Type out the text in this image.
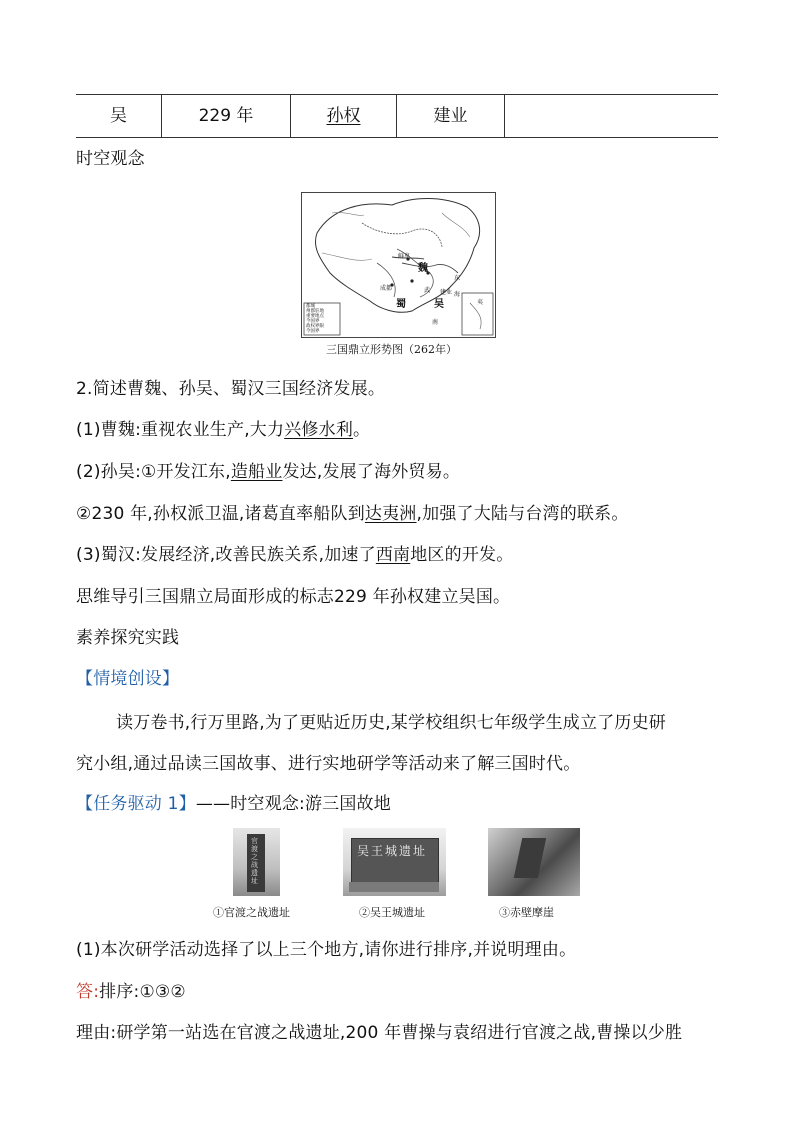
吴	229 年	孙权	建业
时空观念
魏
蜀	吴
鲜卑
东
成都
建业
武
南
海
夷
都城
州郡驻地
重要地点
今国界
政权界限
今国界
三国鼎立形势图（262年）
2.简述曹魏、孙吴、蜀汉三国经济发展。
(1)曹魏:重视农业生产,大力兴修水利。
(2)孙吴:①开发江东,造船业发达,发展了海外贸易。
②230 年,孙权派卫温,诸葛直率船队到达夷洲,加强了大陆与台湾的联系。
(3)蜀汉:发展经济,改善民族关系,加速了西南地区的开发。
思维导引三国鼎立局面形成的标志229 年孙权建立吴国。
素养探究实践
【情境创设】
读万卷书,行万里路,为了更贴近历史,某学校组织七年级学生成立了历史研
究小组,通过品读三国故事、进行实地研学等活动来了解三国时代。
【任务驱动 1】——时空观念:游三国故地
官渡之战遗址
吴王城遗址
①官渡之战遗址	②吴王城遗址	③赤壁摩崖
(1)本次研学活动选择了以上三个地方,请你进行排序,并说明理由。
答:排序:①③②
理由:研学第一站选在官渡之战遗址,200 年曹操与袁绍进行官渡之战,曹操以少胜
